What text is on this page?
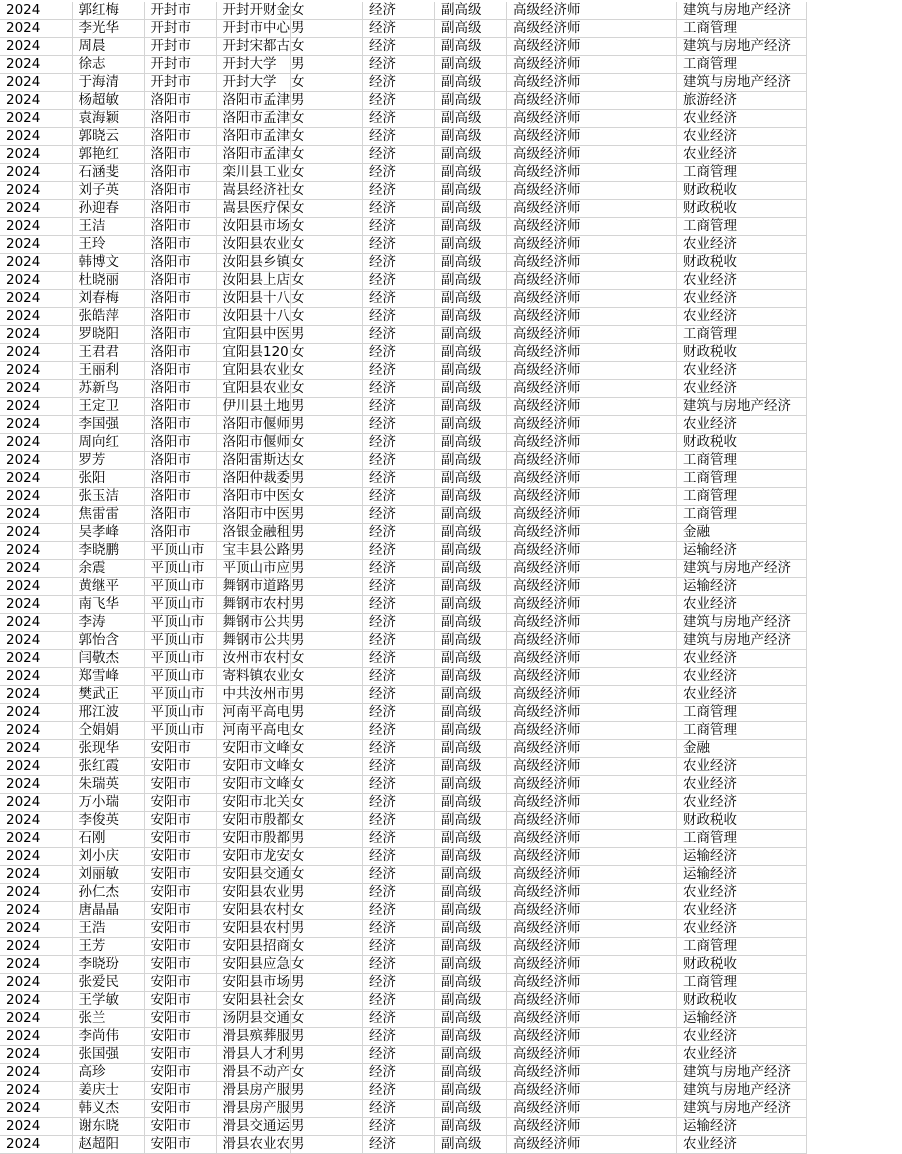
2024	郭红梅	开封市	开封开财金	女	经济	副高级	高级经济师	建筑与房地产经济
2024	李光华	开封市	开封市中心	男	经济	副高级	高级经济师	工商管理
2024	周晨	开封市	开封宋都古	女	经济	副高级	高级经济师	建筑与房地产经济
2024	徐志	开封市	开封大学	男	经济	副高级	高级经济师	工商管理
2024	于海清	开封市	开封大学	女	经济	副高级	高级经济师	建筑与房地产经济
2024	杨超敏	洛阳市	洛阳市孟津	男	经济	副高级	高级经济师	旅游经济
2024	袁海颖	洛阳市	洛阳市孟津	女	经济	副高级	高级经济师	农业经济
2024	郭晓云	洛阳市	洛阳市孟津	女	经济	副高级	高级经济师	农业经济
2024	郭艳红	洛阳市	洛阳市孟津	女	经济	副高级	高级经济师	农业经济
2024	石涵斐	洛阳市	栾川县工业	女	经济	副高级	高级经济师	工商管理
2024	刘子英	洛阳市	嵩县经济社	女	经济	副高级	高级经济师	财政税收
2024	孙迎春	洛阳市	嵩县医疗保	女	经济	副高级	高级经济师	财政税收
2024	王洁	洛阳市	汝阳县市场	女	经济	副高级	高级经济师	工商管理
2024	王玲	洛阳市	汝阳县农业	女	经济	副高级	高级经济师	农业经济
2024	韩博文	洛阳市	汝阳县乡镇	女	经济	副高级	高级经济师	财政税收
2024	杜晓丽	洛阳市	汝阳县上店	女	经济	副高级	高级经济师	农业经济
2024	刘春梅	洛阳市	汝阳县十八	女	经济	副高级	高级经济师	农业经济
2024	张皓萍	洛阳市	汝阳县十八	女	经济	副高级	高级经济师	农业经济
2024	罗晓阳	洛阳市	宜阳县中医	男	经济	副高级	高级经济师	工商管理
2024	王君君	洛阳市	宜阳县120	女	经济	副高级	高级经济师	财政税收
2024	王丽利	洛阳市	宜阳县农业	女	经济	副高级	高级经济师	农业经济
2024	苏新鸟	洛阳市	宜阳县农业	女	经济	副高级	高级经济师	农业经济
2024	王定卫	洛阳市	伊川县土地	男	经济	副高级	高级经济师	建筑与房地产经济
2024	李国强	洛阳市	洛阳市偃师	男	经济	副高级	高级经济师	农业经济
2024	周向红	洛阳市	洛阳市偃师	女	经济	副高级	高级经济师	财政税收
2024	罗芳	洛阳市	洛阳雷斯达	女	经济	副高级	高级经济师	工商管理
2024	张阳	洛阳市	洛阳仲裁委	男	经济	副高级	高级经济师	工商管理
2024	张玉洁	洛阳市	洛阳市中医	女	经济	副高级	高级经济师	工商管理
2024	焦雷雷	洛阳市	洛阳市中医	男	经济	副高级	高级经济师	工商管理
2024	吴孝峰	洛阳市	洛银金融租	男	经济	副高级	高级经济师	金融
2024	李晓鹏	平顶山市	宝丰县公路	男	经济	副高级	高级经济师	运输经济
2024	余震	平顶山市	平顶山市应	男	经济	副高级	高级经济师	建筑与房地产经济
2024	黄继平	平顶山市	舞钢市道路	男	经济	副高级	高级经济师	运输经济
2024	南飞华	平顶山市	舞钢市农村	男	经济	副高级	高级经济师	农业经济
2024	李涛	平顶山市	舞钢市公共	男	经济	副高级	高级经济师	建筑与房地产经济
2024	郭怡含	平顶山市	舞钢市公共	男	经济	副高级	高级经济师	建筑与房地产经济
2024	闫敬杰	平顶山市	汝州市农村	女	经济	副高级	高级经济师	农业经济
2024	郑雪峰	平顶山市	寄料镇农业	女	经济	副高级	高级经济师	农业经济
2024	樊武正	平顶山市	中共汝州市	男	经济	副高级	高级经济师	农业经济
2024	邢江波	平顶山市	河南平高电	男	经济	副高级	高级经济师	工商管理
2024	仝娟娟	平顶山市	河南平高电	女	经济	副高级	高级经济师	工商管理
2024	张现华	安阳市	安阳市文峰	女	经济	副高级	高级经济师	金融
2024	张红霞	安阳市	安阳市文峰	女	经济	副高级	高级经济师	农业经济
2024	朱瑞英	安阳市	安阳市文峰	女	经济	副高级	高级经济师	农业经济
2024	万小瑞	安阳市	安阳市北关	女	经济	副高级	高级经济师	农业经济
2024	李俊英	安阳市	安阳市殷都	女	经济	副高级	高级经济师	财政税收
2024	石刚	安阳市	安阳市殷都	男	经济	副高级	高级经济师	工商管理
2024	刘小庆	安阳市	安阳市龙安	女	经济	副高级	高级经济师	运输经济
2024	刘丽敏	安阳市	安阳县交通	女	经济	副高级	高级经济师	运输经济
2024	孙仁杰	安阳市	安阳县农业	男	经济	副高级	高级经济师	农业经济
2024	唐晶晶	安阳市	安阳县农村	女	经济	副高级	高级经济师	农业经济
2024	王浩	安阳市	安阳县农村	男	经济	副高级	高级经济师	农业经济
2024	王芳	安阳市	安阳县招商	女	经济	副高级	高级经济师	工商管理
2024	李晓玢	安阳市	安阳县应急	女	经济	副高级	高级经济师	财政税收
2024	张爱民	安阳市	安阳县市场	男	经济	副高级	高级经济师	工商管理
2024	王学敏	安阳市	安阳县社会	女	经济	副高级	高级经济师	财政税收
2024	张兰	安阳市	汤阴县交通	女	经济	副高级	高级经济师	运输经济
2024	李尚伟	安阳市	滑县殡葬服	男	经济	副高级	高级经济师	农业经济
2024	张国强	安阳市	滑县人才利	男	经济	副高级	高级经济师	农业经济
2024	高珍	安阳市	滑县不动产	女	经济	副高级	高级经济师	建筑与房地产经济
2024	姜庆士	安阳市	滑县房产服	男	经济	副高级	高级经济师	建筑与房地产经济
2024	韩义杰	安阳市	滑县房产服	男	经济	副高级	高级经济师	建筑与房地产经济
2024	谢东晓	安阳市	滑县交通运	男	经济	副高级	高级经济师	运输经济
2024	赵超阳	安阳市	滑县农业农	男	经济	副高级	高级经济师	农业经济
